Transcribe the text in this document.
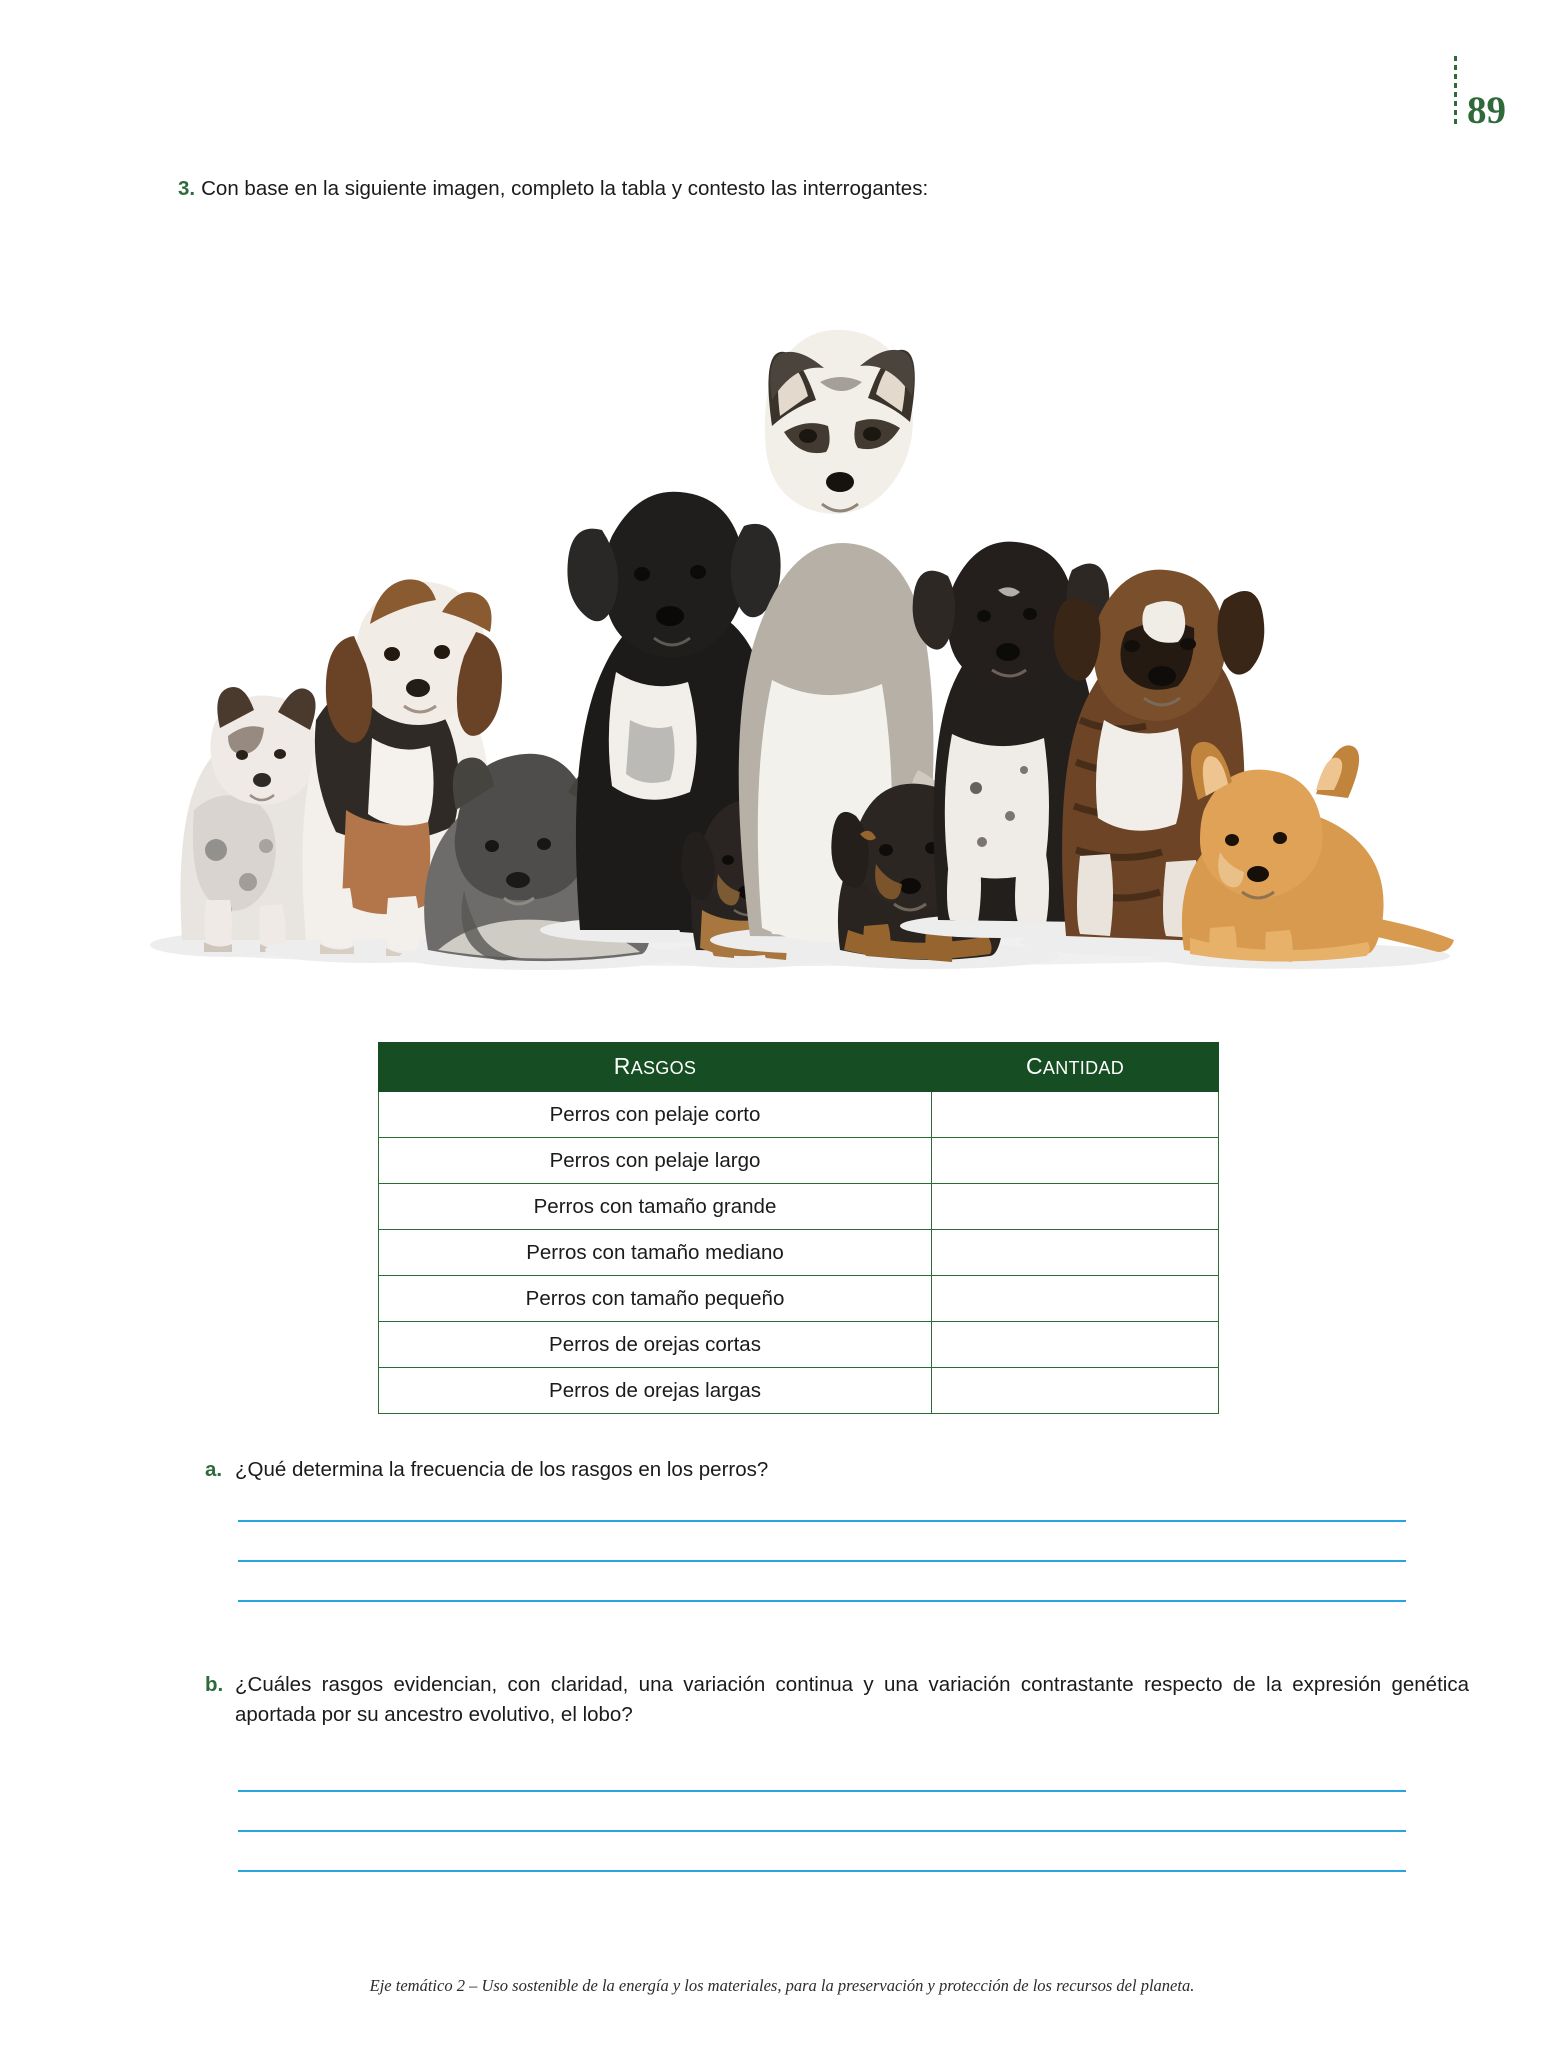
89
3. Con base en la siguiente imagen, completo la tabla y contesto las interrogantes:
RASGOS	CANTIDAD
Perros con pelaje corto	
Perros con pelaje largo	
Perros con tamaño grande	
Perros con tamaño mediano	
Perros con tamaño pequeño	
Perros de orejas cortas	
Perros de orejas largas	
a. ¿Qué determina la frecuencia de los rasgos en los perros?
b. ¿Cuáles rasgos evidencian, con claridad, una variación continua y una variación contrastante respecto de la expresión genética aportada por su ancestro evolutivo, el lobo?
Eje temático 2 – Uso sostenible de la energía y los materiales, para la preservación y protección de los recursos del planeta.
